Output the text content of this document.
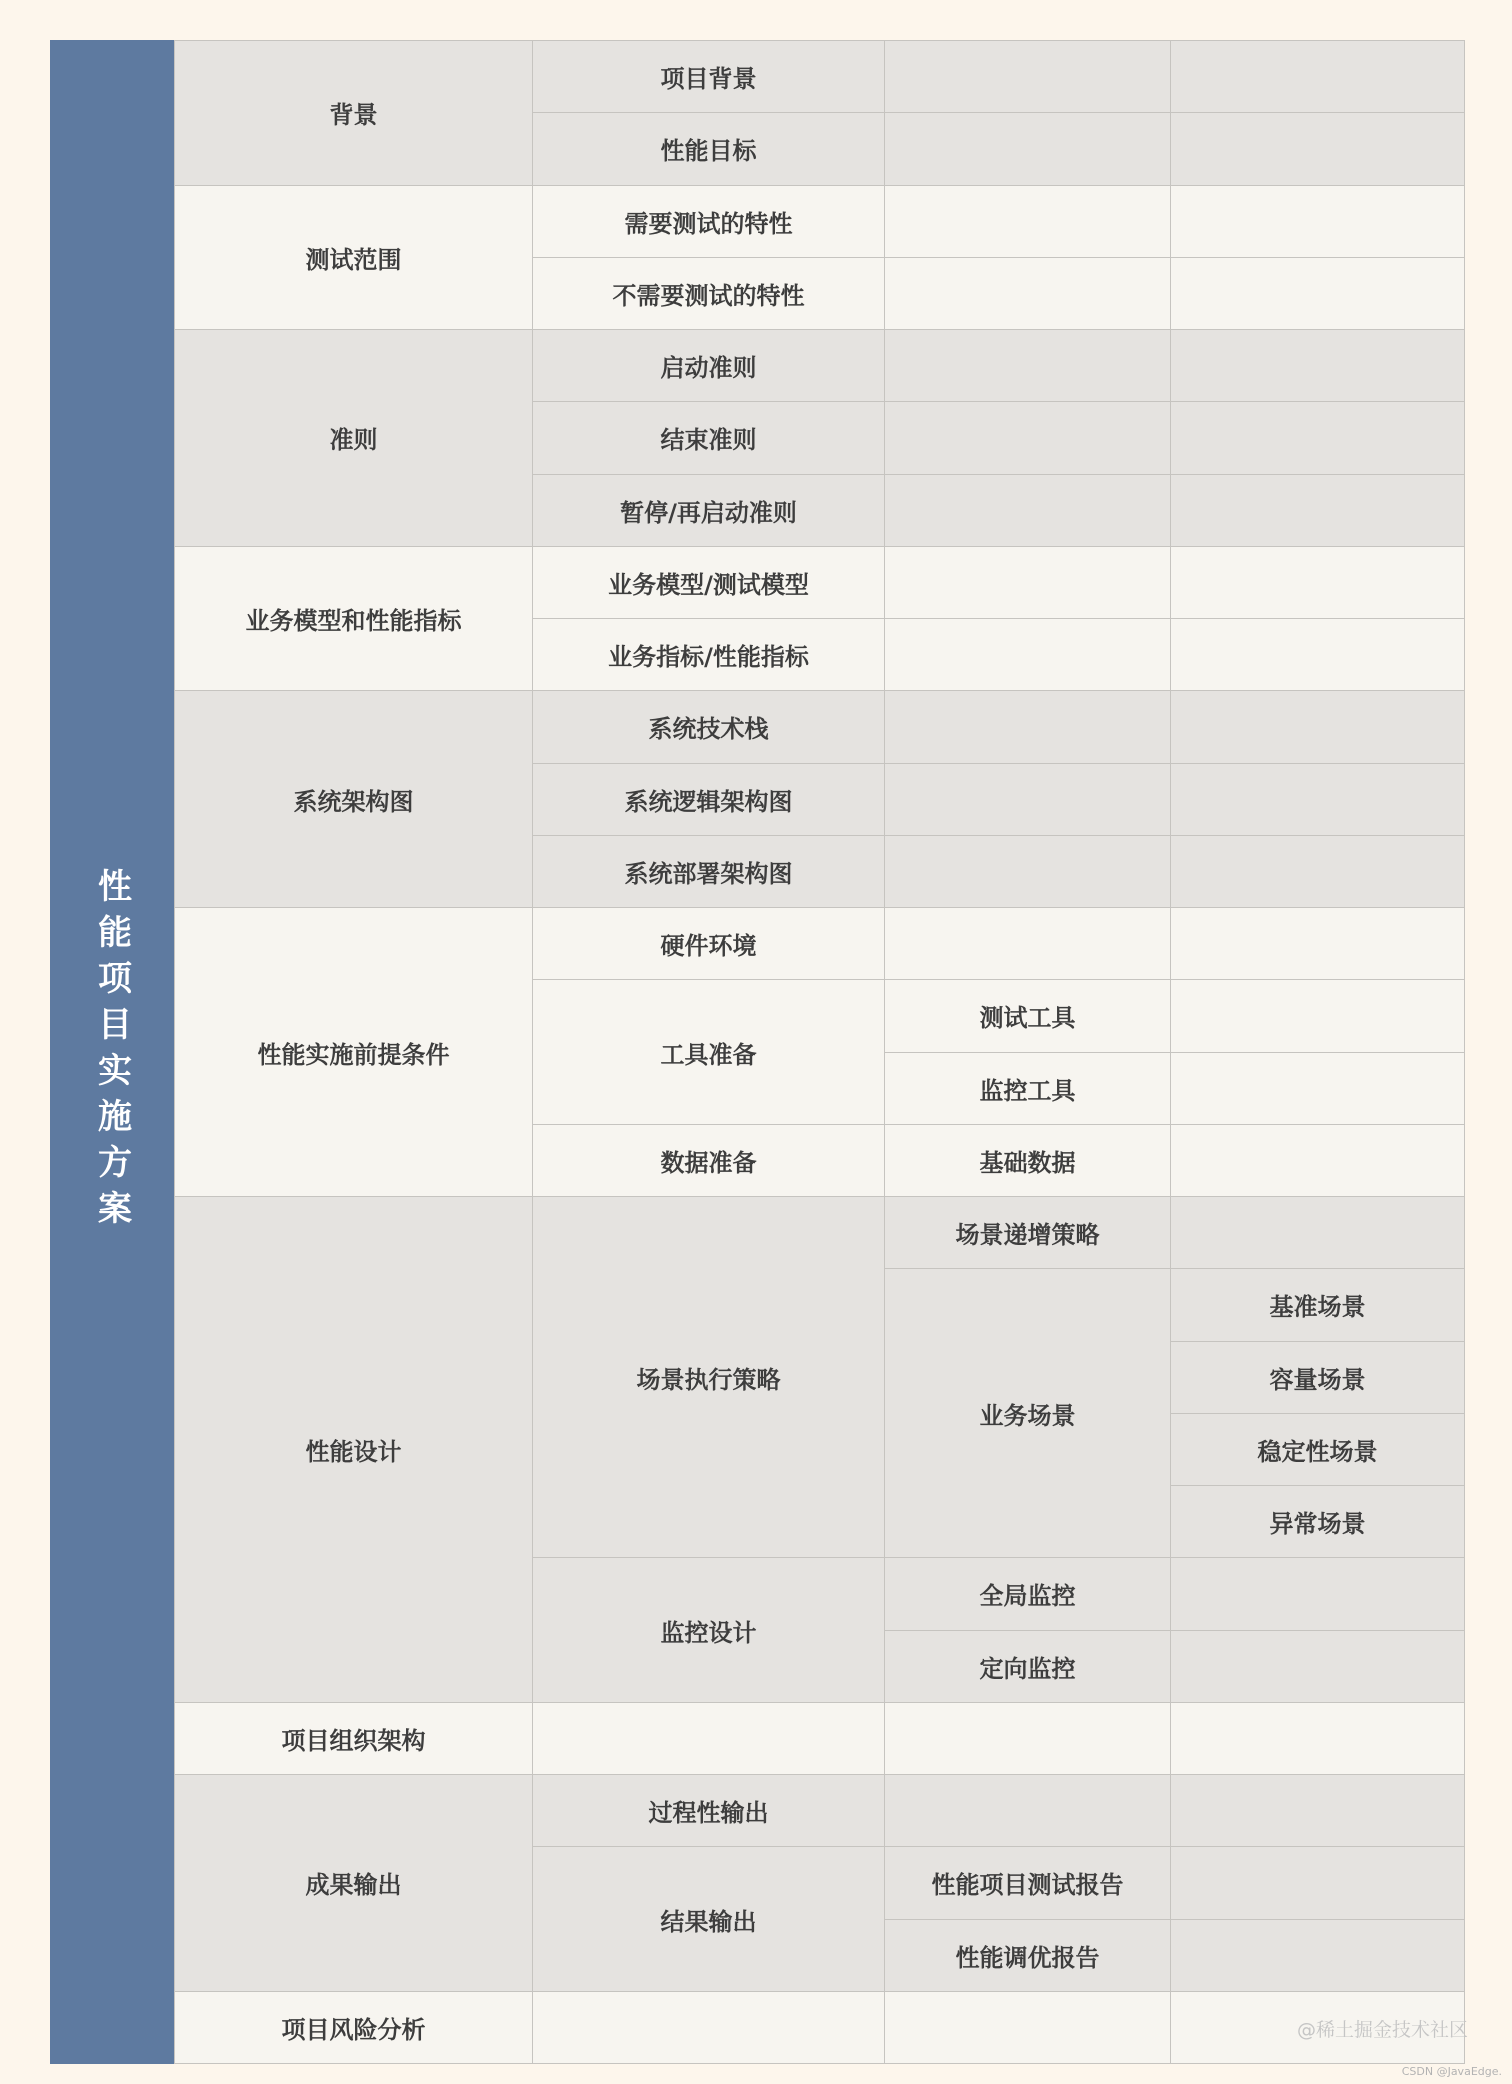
性能项目实施方案
背景	项目背景		
	性能目标		
测试范围	需要测试的特性		
	不需要测试的特性		
准则	启动准则		
	结束准则		
	暂停/再启动准则		
业务模型和性能指标	业务模型/测试模型		
	业务指标/性能指标		
系统架构图	系统技术栈		
	系统逻辑架构图		
	系统部署架构图		
性能实施前提条件	硬件环境		
	工具准备	测试工具	
		监控工具	
	数据准备	基础数据	
性能设计	场景执行策略	场景递增策略	
		业务场景	基准场景
			容量场景
			稳定性场景
			异常场景
	监控设计	全局监控	
		定向监控	
项目组织架构			
成果输出	过程性输出		
	结果输出	性能项目测试报告	
		性能调优报告	
项目风险分析				@稀土掘金技术社区
CSDN @JavaEdge.
